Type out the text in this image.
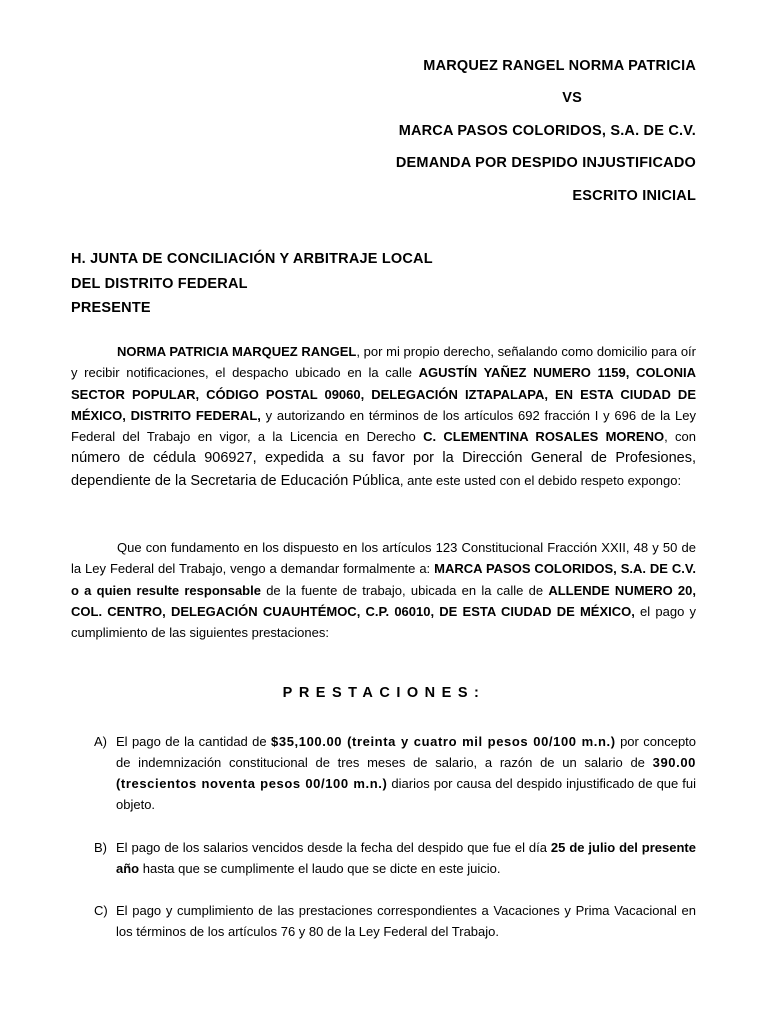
MARQUEZ RANGEL NORMA PATRICIA
VS
MARCA PASOS COLORIDOS, S.A. DE C.V.
DEMANDA POR DESPIDO INJUSTIFICADO
ESCRITO INICIAL
H. JUNTA DE CONCILIACIÓN Y ARBITRAJE LOCAL
DEL DISTRITO FEDERAL
PRESENTE
NORMA PATRICIA MARQUEZ RANGEL, por mi propio derecho, señalando como domicilio para oír y recibir notificaciones, el despacho ubicado en la calle AGUSTÍN YAÑEZ NUMERO 1159, COLONIA SECTOR POPULAR, CÓDIGO POSTAL 09060, DELEGACIÓN IZTAPALAPA, EN ESTA CIUDAD DE MÉXICO, DISTRITO FEDERAL, y autorizando en términos de los artículos 692 fracción I y 696 de la Ley Federal del Trabajo en vigor, a la Licencia en Derecho C. CLEMENTINA ROSALES MORENO, con número de cédula 906927, expedida a su favor por la Dirección General de Profesiones, dependiente de la Secretaria de Educación Pública, ante este usted con el debido respeto expongo:
Que con fundamento en los dispuesto en los artículos 123 Constitucional Fracción XXII, 48 y 50 de la Ley Federal del Trabajo, vengo a demandar formalmente a: MARCA PASOS COLORIDOS, S.A. DE C.V. o a quien resulte responsable de la fuente de trabajo, ubicada en la calle de ALLENDE NUMERO 20, COL. CENTRO, DELEGACIÓN CUAUHTÉMOC, C.P. 06010, DE ESTA CIUDAD DE MÉXICO, el pago y cumplimiento de las siguientes prestaciones:
PRESTACIONES:
A) El pago de la cantidad de $35,100.00 (treinta y cuatro mil pesos 00/100 m.n.) por concepto de indemnización constitucional de tres meses de salario, a razón de un salario de 390.00 (trescientos noventa pesos 00/100 m.n.) diarios por causa del despido injustificado de que fui objeto.
B) El pago de los salarios vencidos desde la fecha del despido que fue el día 25 de julio del presente año hasta que se cumplimente el laudo que se dicte en este juicio.
C) El pago y cumplimiento de las prestaciones correspondientes a Vacaciones y Prima Vacacional en los términos de los artículos 76 y 80 de la Ley Federal del Trabajo.
